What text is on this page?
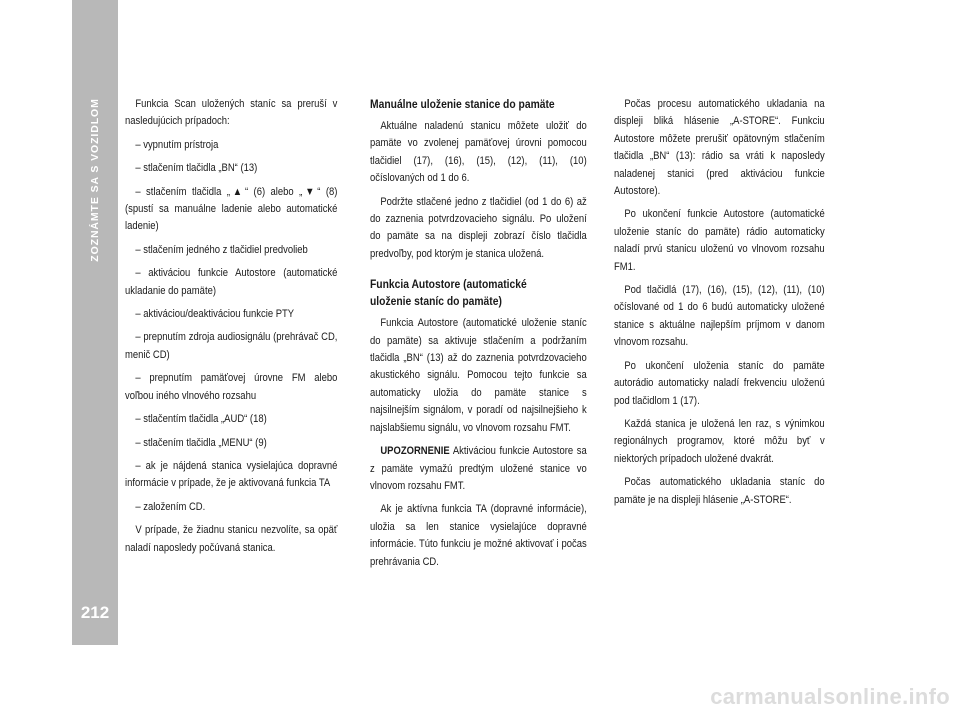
ZOZNÁMTE SA S VOZIDLOM
212

Funkcia Scan uložených staníc sa preruší v nasledujúcich prípadoch:

– vypnutím prístroja

– stlačením tlačidla „BN“ (13)

– stlačením tlačidla „▲“ (6) alebo „▼“ (8) (spustí sa manuálne ladenie alebo automatické ladenie)

– stlačením jedného z tlačidiel predvolieb

– aktiváciou funkcie Autostore (automatické ukladanie do pamäte)

– aktiváciou/deaktiváciou funkcie PTY

– prepnutím zdroja audiosignálu (prehrávač CD, menič CD)

– prepnutím pamäťovej úrovne FM alebo voľbou iného vlnového rozsahu

– stlačentím tlačidla „AUD“ (18)

– stlačením tlačidla „MENU“ (9)

– ak je nájdená stanica vysielajúca dopravné informácie v prípade, že je aktivovaná funkcia TA

– založením CD.

V prípade, že žiadnu stanicu nezvolíte, sa opäť naladí naposledy počúvaná stanica.

Manuálne uloženie stanice do pamäte

Aktuálne naladenú stanicu môžete uložiť do pamäte vo zvolenej pamäťovej úrovni pomocou tlačidiel (17), (16), (15), (12), (11), (10) očíslovaných od 1 do 6.

Podržte stlačené jedno z tlačidiel (od 1 do 6) až do zaznenia potvrdzovacieho signálu. Po uložení do pamäte sa na displeji zobrazí číslo tlačidla predvoľby, pod ktorým je stanica uložená.

Funkcia Autostore (automatické
uloženie staníc do pamäte)

Funkcia Autostore (automatické uloženie staníc do pamäte) sa aktivuje stlačením a podržaním tlačidla „BN“ (13) až do zaznenia potvrdzovacieho akustického signálu. Pomocou tejto funkcie sa automaticky uložia do pamäte stanice s najsilnejším signálom, v poradí od najsilnejšieho k najslabšiemu signálu, vo vlnovom rozsahu FMT.

UPOZORNENIE Aktiváciou funkcie Autostore sa z pamäte vymažú predtým uložené stanice vo vlnovom rozsahu FMT.

Ak je aktívna funkcia TA (dopravné informácie), uložia sa len stanice vysielajúce dopravné informácie. Túto funkciu je možné aktivovať i počas prehrávania CD.

Počas procesu automatického ukladania na displeji bliká hlásenie „A-STORE“. Funkciu Autostore môžete prerušiť opätovným stlačením tlačidla „BN“ (13): rádio sa vráti k naposledy naladenej stanici (pred aktiváciou funkcie Autostore).

Po ukončení funkcie Autostore (automatické uloženie staníc do pamäte) rádio automaticky naladí prvú stanicu uloženú vo vlnovom rozsahu FM1.

Pod tlačidlá (17), (16), (15), (12), (11), (10) očíslované od 1 do 6 budú automaticky uložené stanice s aktuálne najlepším príjmom v danom vlnovom rozsahu.

Po ukončení uloženia staníc do pamäte autorádio automaticky naladí frekvenciu uloženú pod tlačidlom 1 (17).

Každá stanica je uložená len raz, s výnimkou regionálnych programov, ktoré môžu byť v niektorých prípadoch uložené dvakrát.

Počas automatického ukladania staníc do pamäte je na displeji hlásenie „A-STORE“.

carmanualsonline.info
